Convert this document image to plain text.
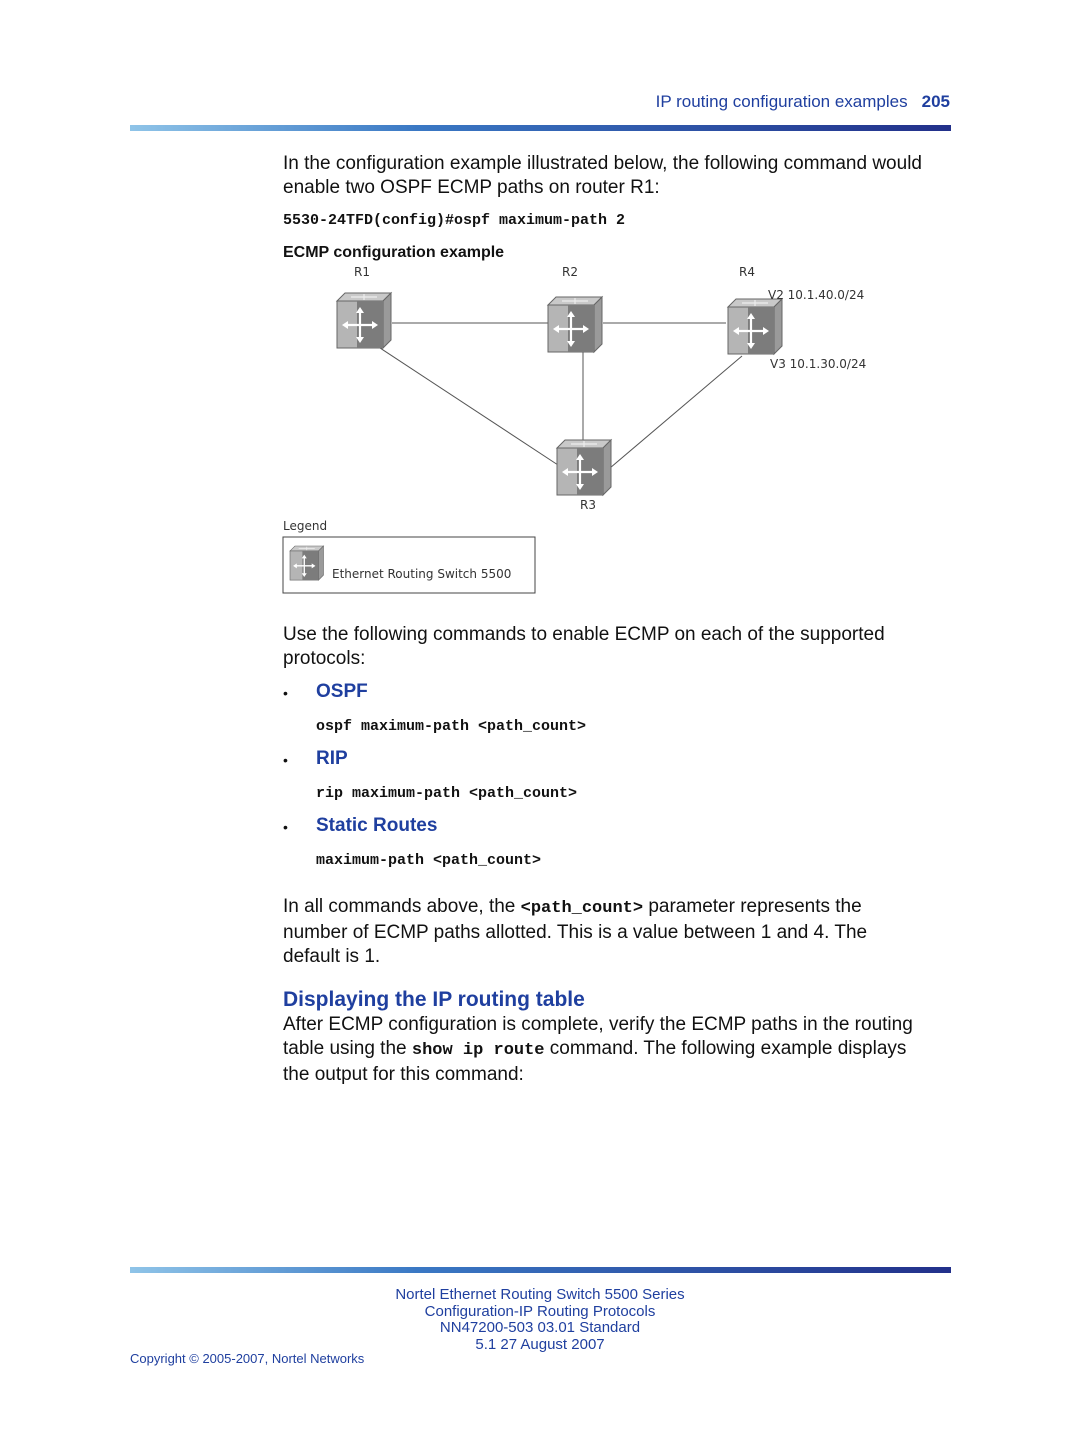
IP routing configuration examples 205
In the configuration example illustrated below, the following command would
enable two OSPF ECMP paths on router R1:
5530-24TFD(config)#ospf maximum-path 2
ECMP configuration example
R1	R2	R4
R3
V2 10.1.40.0/24
V3 10.1.30.0/24
Legend
Ethernet Routing Switch 5500
Use the following commands to enable ECMP on each of the supported
protocols:
• OSPF
ospf maximum-path <path_count>
• RIP
rip maximum-path <path_count>
• Static Routes
maximum-path <path_count>
In all commands above, the <path_count> parameter represents the
number of ECMP paths allotted. This is a value between 1 and 4. The
default is 1.
Displaying the IP routing table
After ECMP configuration is complete, verify the ECMP paths in the routing
table using the show ip route command. The following example displays
the output for this command:
Nortel Ethernet Routing Switch 5500 Series
Configuration-IP Routing Protocols
NN47200-503 03.01 Standard
5.1 27 August 2007
Copyright © 2005-2007, Nortel Networks
